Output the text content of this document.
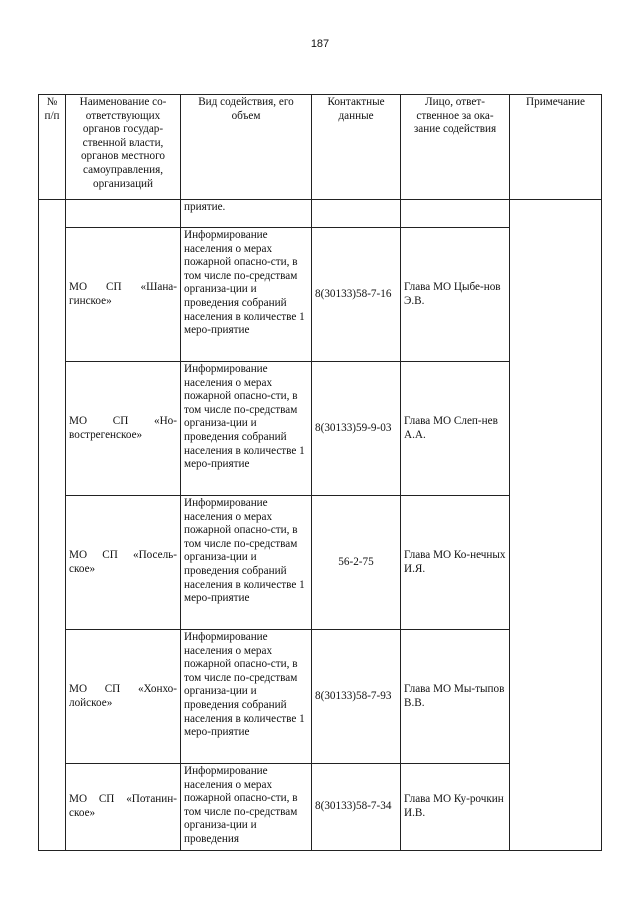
187
№ п/п	Наименование со-ответствующих органов государ-ственной власти, органов местного самоуправления, организаций	Вид содействия, его объем	Контактные данные	Лицо, ответ-ственное за ока-зание содействия	Примечание
		приятие.			
	МО СП «Шана-гинское»	Информирование населения о мерах пожарной опасно-сти, в том числе по-средствам организа-ции и проведения собраний населения в количестве 1 меро-приятие	8(30133)58-7-16	Глава МО Цыбе-нов Э.В.	
	МО СП «Но-вострегенское»	Информирование населения о мерах пожарной опасно-сти, в том числе по-средствам организа-ции и проведения собраний населения в количестве 1 меро-приятие	8(30133)59-9-03	Глава МО Слеп-нев А.А.	
	МО СП «Посель-ское»	Информирование населения о мерах пожарной опасно-сти, в том числе по-средствам организа-ции и проведения собраний населения в количестве 1 меро-приятие	56-2-75	Глава МО Ко-нечных И.Я.	
	МО СП «Хонхо-лойское»	Информирование населения о мерах пожарной опасно-сти, в том числе по-средствам организа-ции и проведения собраний населения в количестве 1 меро-приятие	8(30133)58-7-93	Глава МО Мы-тыпов В.В.	
	МО СП «Потанин-ское»	Информирование населения о мерах пожарной опасно-сти, в том числе по-средствам организа-ции и проведения	8(30133)58-7-34	Глава МО Ку-рочкин И.В.	
